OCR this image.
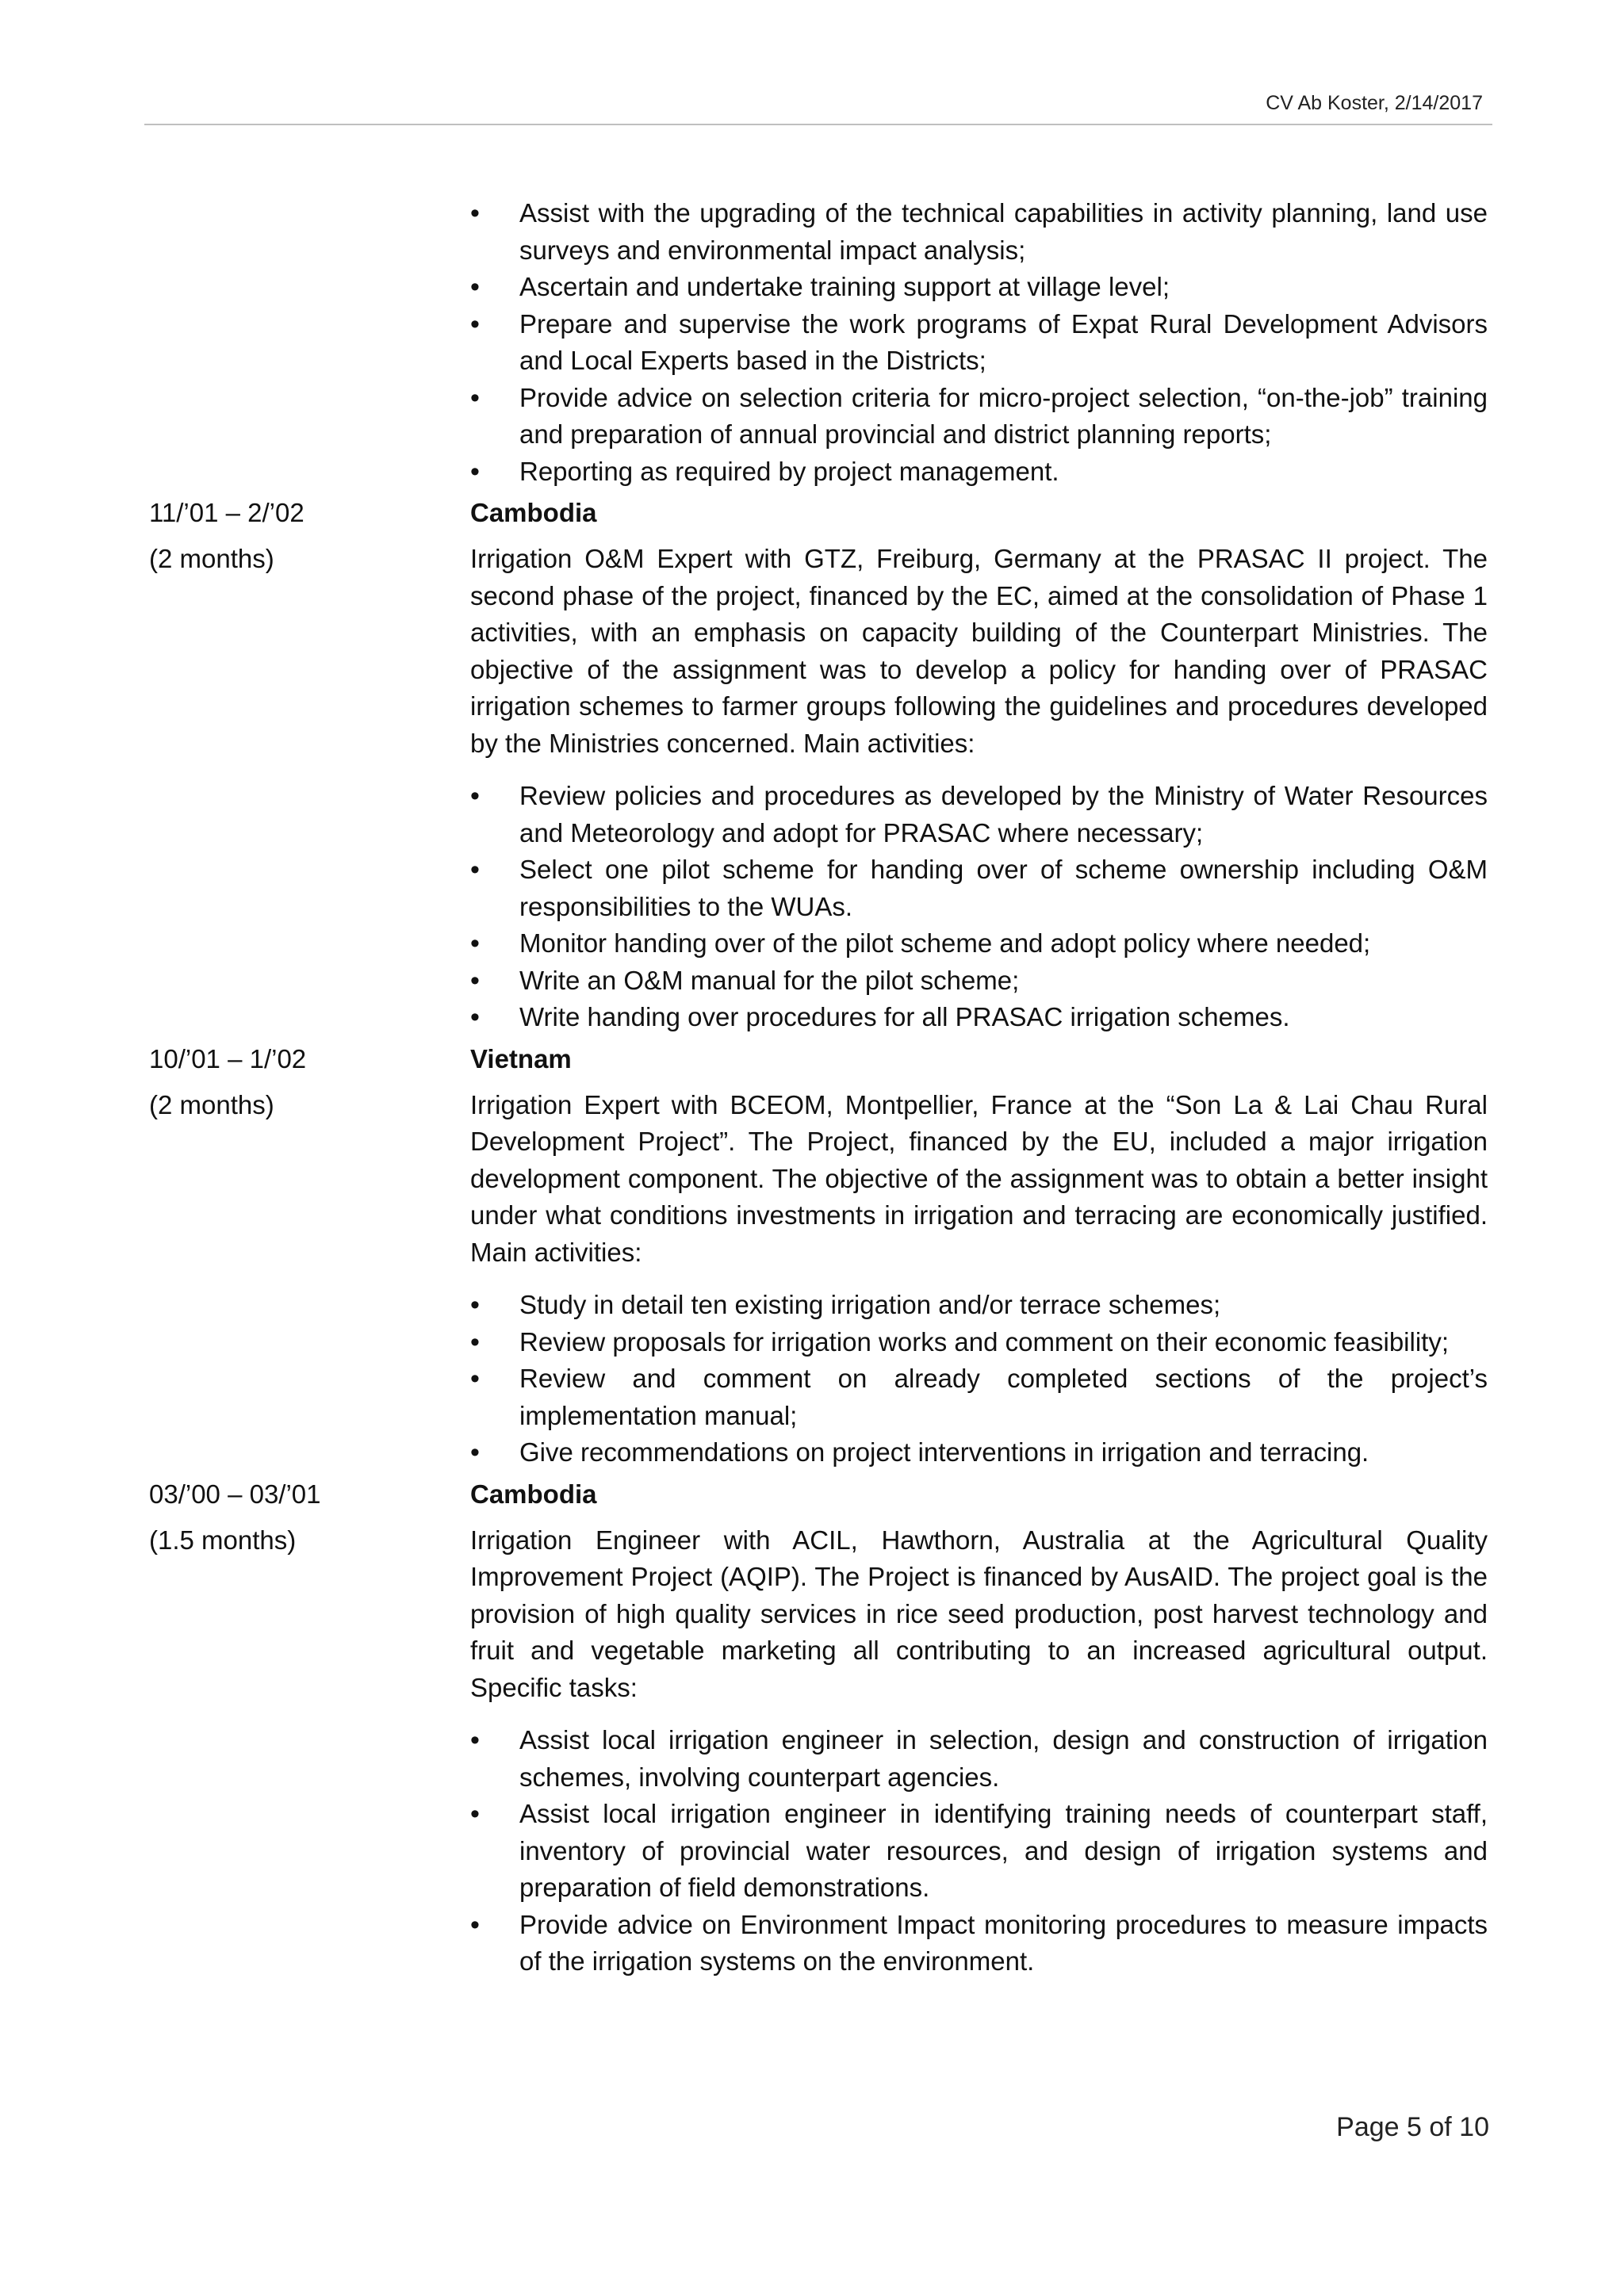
CV Ab Koster, 2/14/2017
• Assist with the upgrading of the technical capabilities in activity planning, land use surveys and environmental impact analysis;
• Ascertain and undertake training support at village level;
• Prepare and supervise the work programs of Expat Rural Development Advisors and Local Experts based in the Districts;
• Provide advice on selection criteria for micro-project selection, “on-the-job” training and preparation of annual provincial and district planning reports;
• Reporting as required by project management.
11/’01 – 2/’02	Cambodia
(2 months)	Irrigation O&M Expert with GTZ, Freiburg, Germany at the PRASAC II project. The second phase of the project, financed by the EC, aimed at the consolidation of Phase 1 activities, with an emphasis on capacity building of the Counterpart Ministries. The objective of the assignment was to develop a policy for handing over of PRASAC irrigation schemes to farmer groups following the guidelines and procedures developed by the Ministries concerned. Main activities:
• Review policies and procedures as developed by the Ministry of Water Resources and Meteorology and adopt for PRASAC where necessary;
• Select one pilot scheme for handing over of scheme ownership including O&M responsibilities to the WUAs.
• Monitor handing over of the pilot scheme and adopt policy where needed;
• Write an O&M manual for the pilot scheme;
• Write handing over procedures for all PRASAC irrigation schemes.
10/’01 – 1/’02	Vietnam
(2 months)	Irrigation Expert with BCEOM, Montpellier, France at the “Son La & Lai Chau Rural Development Project”. The Project, financed by the EU, included a major irrigation development component. The objective of the assignment was to obtain a better insight under what conditions investments in irrigation and terracing are economically justified. Main activities:
• Study in detail ten existing irrigation and/or terrace schemes;
• Review proposals for irrigation works and comment on their economic feasibility;
• Review and comment on already completed sections of the project’s implementation manual;
• Give recommendations on project interventions in irrigation and terracing.
03/’00 – 03/’01	Cambodia
(1.5 months)	Irrigation Engineer with ACIL, Hawthorn, Australia at the Agricultural Quality Improvement Project (AQIP). The Project is financed by AusAID. The project goal is the provision of high quality services in rice seed production, post harvest technology and fruit and vegetable marketing all contributing to an increased agricultural output. Specific tasks:
• Assist local irrigation engineer in selection, design and construction of irrigation schemes, involving counterpart agencies.
• Assist local irrigation engineer in identifying training needs of counterpart staff, inventory of provincial water resources, and design of irrigation systems and preparation of field demonstrations.
• Provide advice on Environment Impact monitoring procedures to measure impacts of the irrigation systems on the environment.
Page 5 of 10
